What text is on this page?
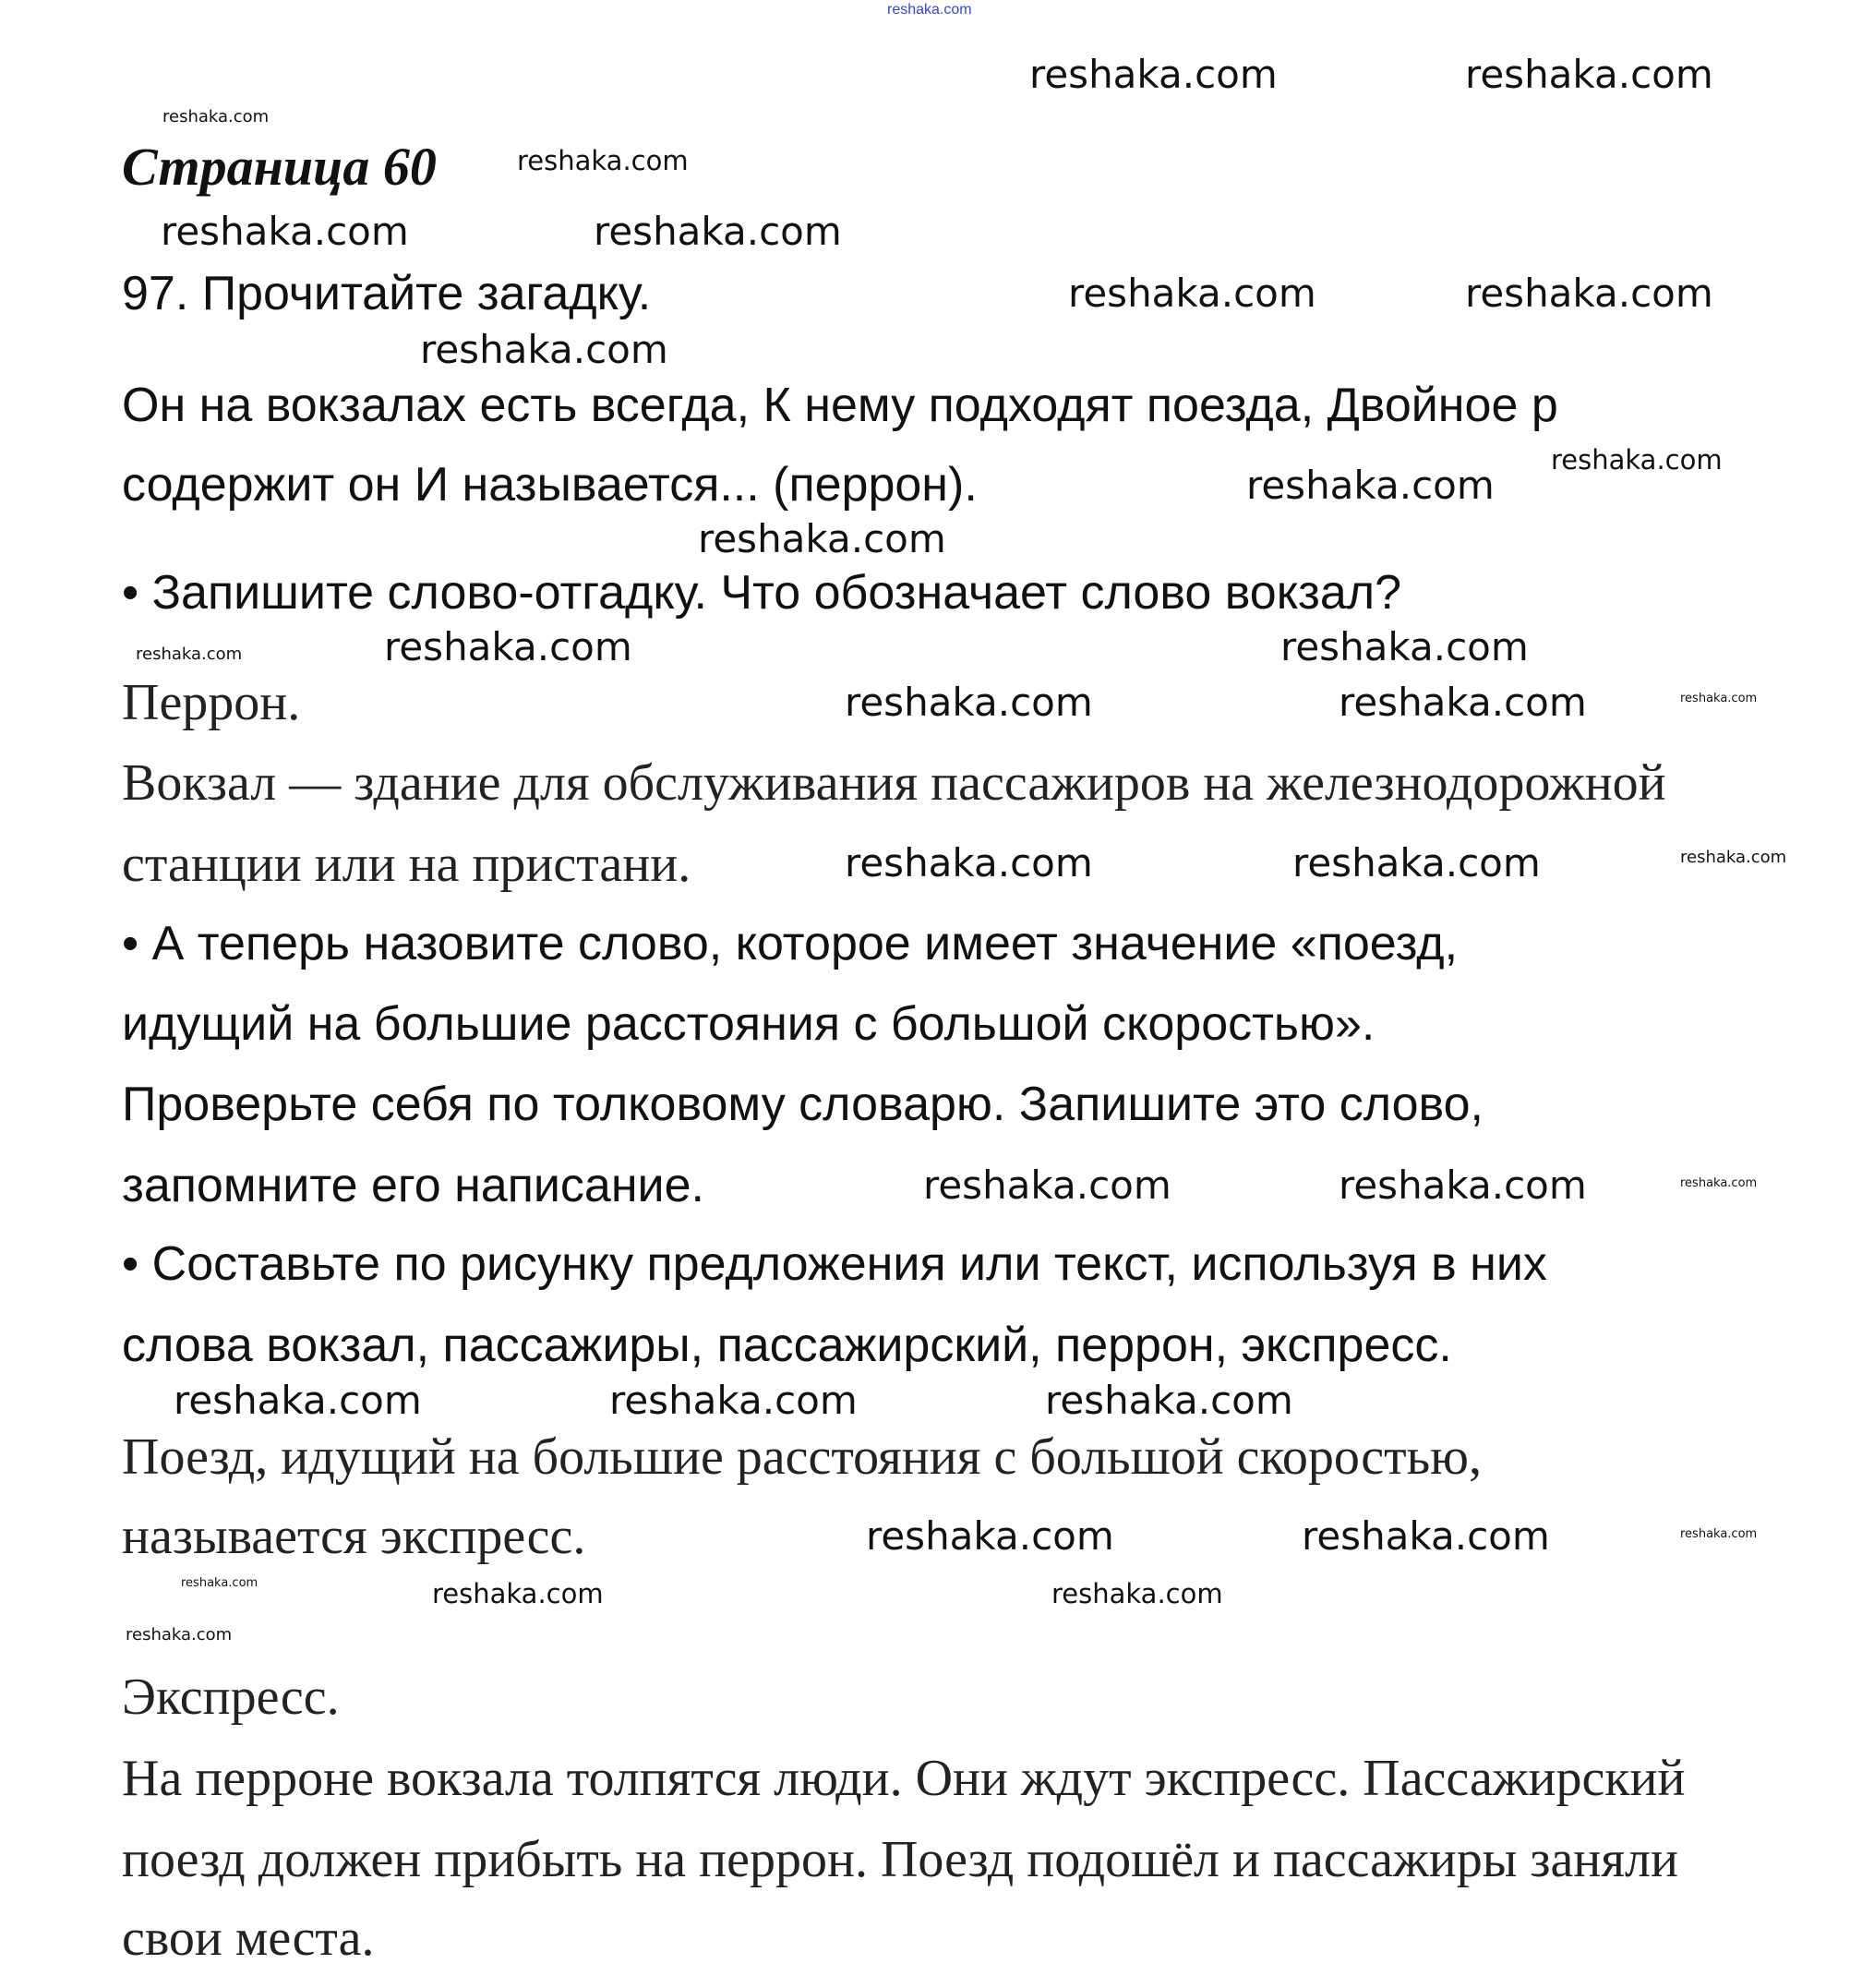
reshaka.com
Страница 60
97. Прочитайте загадку.
Он на вокзалах есть всегда, К нему подходят поезда, Двойное р
содержит он И называется... (перрон).
• Запишите слово-отгадку. Что обозначает слово вокзал?
Перрон.
Вокзал — здание для обслуживания пассажиров на железнодорожной
станции или на пристани.
• А теперь назовите слово, которое имеет значение «поезд,
идущий на большие расстояния с большой скоростью».
Проверьте себя по толковому словарю. Запишите это слово,
запомните его написание.
• Составьте по рисунку предложения или текст, используя в них
слова вокзал, пассажиры, пассажирский, перрон, экспресс.
Поезд, идущий на большие расстояния с большой скоростью,
называется экспресс.
Экспресс.
На перроне вокзала толпятся люди. Они ждут экспресс. Пассажирский
поезд должен прибыть на перрон. Поезд подошёл и пассажиры заняли
свои места.
reshaka.com	reshaka.com
reshaka.com	reshaka.com
reshaka.com	reshaka.com
reshaka.com
reshaka.com
reshaka.com
reshaka.com
reshaka.com
reshaka.com	reshaka.com
reshaka.com	reshaka.com
reshaka.com	reshaka.com
reshaka.com	reshaka.com	reshaka.com
reshaka.com	reshaka.com
reshaka.com
reshaka.com
reshaka.com	reshaka.com
reshaka.com
reshaka.com
reshaka.com
reshaka.com
reshaka.com
reshaka.com
reshaka.com
reshaka.com
